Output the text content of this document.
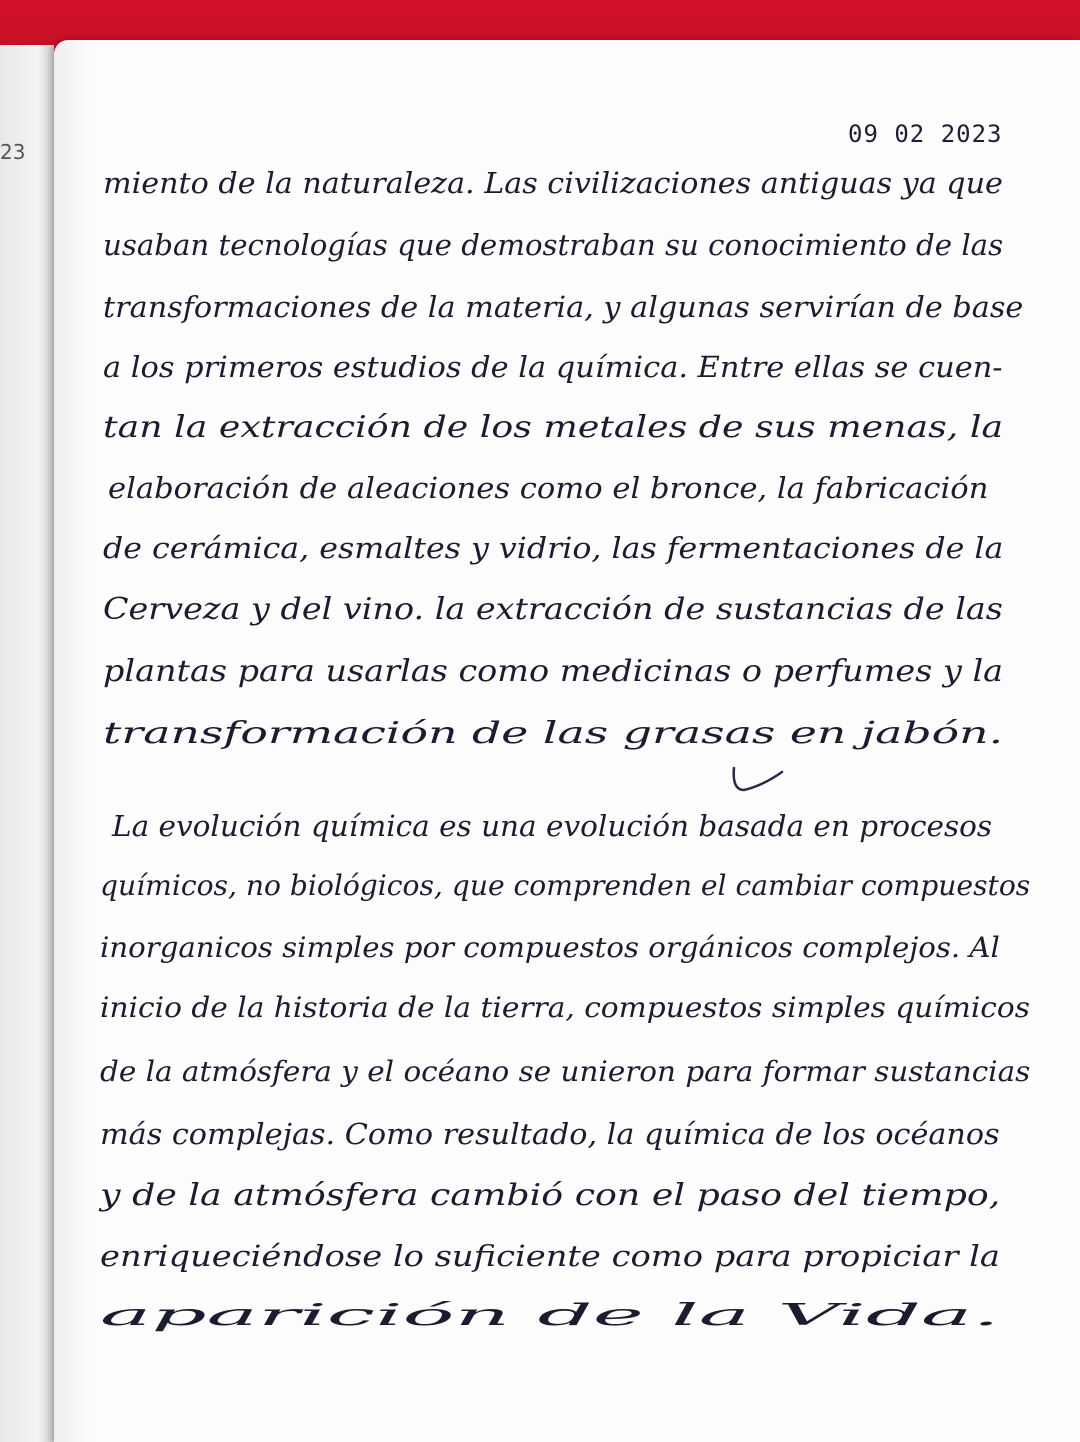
23
09 02 2023
miento de la naturaleza. Las civilizaciones antiguas ya que
usaban tecnologías que demostraban su conocimiento de las
transformaciones de la materia, y algunas servirían de base
a los primeros estudios de la química. Entre ellas se cuen-
tan la extracción de los metales de sus menas, la
elaboración de aleaciones como el bronce, la fabricación
de cerámica, esmaltes y vidrio, las fermentaciones de la
Cerveza y del vino. la extracción de sustancias de las
plantas para usarlas como medicinas o perfumes y la
transformación de las grasas en jabón.
La evolución química es una evolución basada en procesos
químicos, no biológicos, que comprenden el cambiar compuestos
inorganicos simples por compuestos orgánicos complejos. Al
inicio de la historia de la tierra, compuestos simples químicos
de la atmósfera y el océano se unieron para formar sustancias
más complejas. Como resultado, la química de los océanos
y de la atmósfera cambió con el paso del tiempo,
enriqueciéndose lo suficiente como para propiciar la
aparición de la Vida.
